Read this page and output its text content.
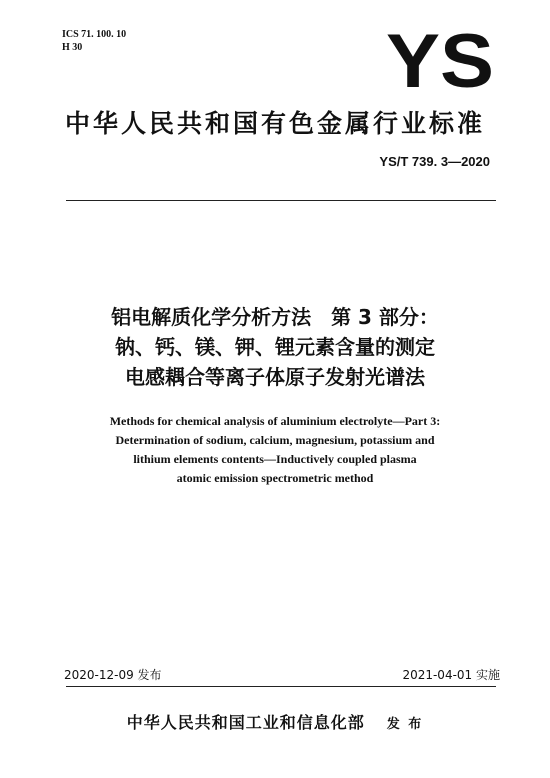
ICS 71. 100. 10
H 30	YS
中华人民共和国有色金属行业标准
YS/T 739. 3—2020
铝电解质化学分析方法　第 3 部分：
钠、钙、镁、钾、锂元素含量的测定
电感耦合等离子体原子发射光谱法
Methods for chemical analysis of aluminium electrolyte—Part 3:
Determination of sodium, calcium, magnesium, potassium and
lithium elements contents—Inductively coupled plasma
atomic emission spectrometric method
2020-12-09 发布	2021-04-01 实施
中华人民共和国工业和信息化部 发 布
